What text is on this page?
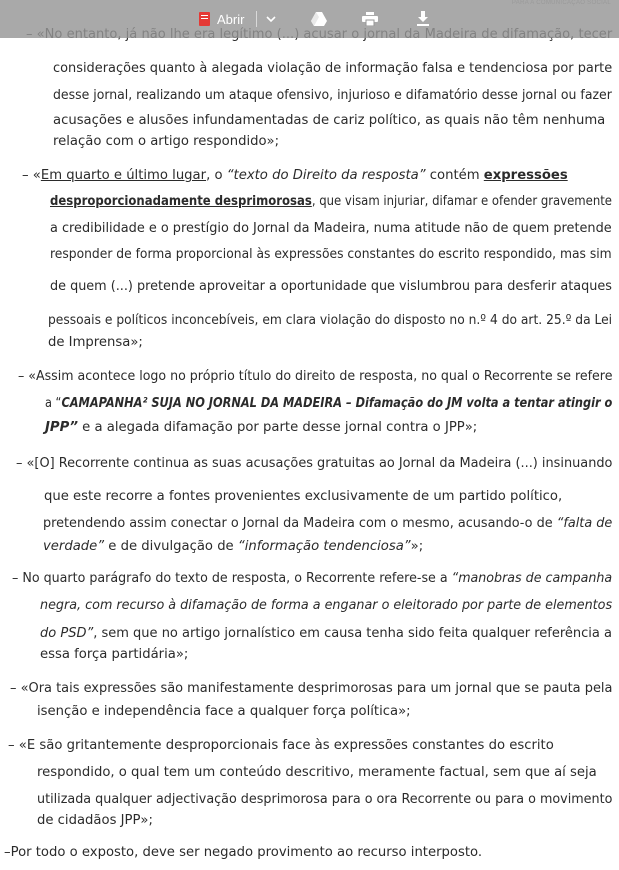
considerações quanto à alegada violação de informação falsa e tendenciosa por parte
desse jornal, realizando um ataque ofensivo, injurioso e difamatório desse jornal ou fazer
acusações e alusões infundamentadas de cariz político, as quais não têm nenhuma
relação com o artigo respondido»;
– «Em quarto e último lugar, o “texto do Direito da resposta” contém expressões
desproporcionadamente desprimorosas, que visam injuriar, difamar e ofender gravemente
a credibilidade e o prestígio do Jornal da Madeira, numa atitude não de quem pretende
responder de forma proporcional às expressões constantes do escrito respondido, mas sim
de quem (...) pretende aproveitar a oportunidade que vislumbrou para desferir ataques
pessoais e políticos inconcebíveis, em clara violação do disposto no n.º 4 do art. 25.º da Lei
de Imprensa»;
– «Assim acontece logo no próprio título do direito de resposta, no qual o Recorrente se refere
a “CAMAPANHA² SUJA NO JORNAL DA MADEIRA – Difamação do JM volta a tentar atingir o
JPP” e a alegada difamação por parte desse jornal contra o JPP»;
– «[O] Recorrente continua as suas acusações gratuitas ao Jornal da Madeira (...) insinuando
que este recorre a fontes provenientes exclusivamente de um partido político,
pretendendo assim conectar o Jornal da Madeira com o mesmo, acusando-o de “falta de
verdade” e de divulgação de “informação tendenciosa”»;
– No quarto parágrafo do texto de resposta, o Recorrente refere-se a “manobras de campanha
negra, com recurso à difamação de forma a enganar o eleitorado por parte de elementos
do PSD”, sem que no artigo jornalístico em causa tenha sido feita qualquer referência a
essa força partidária»;
– «Ora tais expressões são manifestamente desprimorosas para um jornal que se pauta pela
isenção e independência face a qualquer força política»;
– «E são gritantemente desproporcionais face às expressões constantes do escrito
respondido, o qual tem um conteúdo descritivo, meramente factual, sem que aí seja
utilizada qualquer adjectivação desprimorosa para o ora Recorrente ou para o movimento
de cidadãos JPP»;
–Por todo o exposto, deve ser negado provimento ao recurso interposto.
Abrir
PARA A COMUNICAÇÃO SOCIAL
